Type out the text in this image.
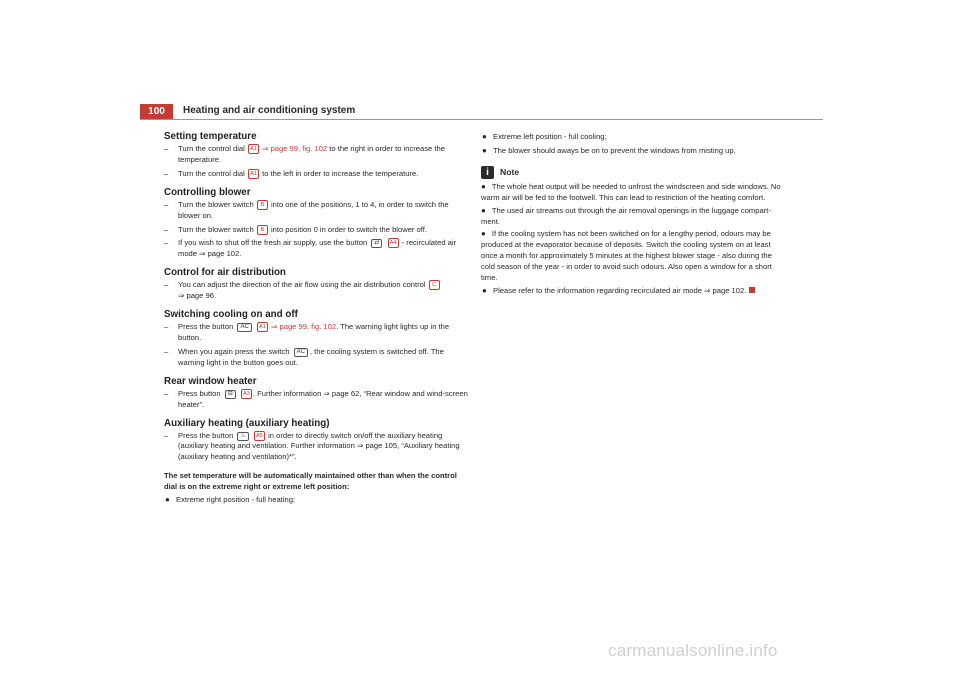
100	Heating and air conditioning system
Setting temperature
– Turn the control dial A1 ⇒ page 99, fig. 102 to the right in order to increase the temperature.
– Turn the control dial A1 to the left in order to increase the temperature.
Controlling blower
– Turn the blower switch B into one of the positions, 1 to 4, in order to switch the blower on.
– Turn the blower switch B into position 0 in order to switch the blower off.
– If you wish to shut off the fresh air supply, use the button ⇄ A4 - recirculated air mode ⇒ page 102.
Control for air distribution
– You can adjust the direction of the air flow using the air distribution control C
⇒ page 96.
Switching cooling on and off
– Press the button AC A1 ⇒ page 99, fig. 102. The warning light lights up in the button.
– When you again press the switch AC , the cooling system is switched off. The warning light in the button goes out.
Rear window heater
– Press button ⊟ A3 . Further information ⇒ page 62, “Rear window and wind-screen heater”.
Auxiliary heating (auxiliary heating)
– Press the button ♨ A5 in order to directly switch on/off the auxiliary heating (auxiliary heating and ventilation. Further information ⇒ page 105, “Auxiliary heating (auxiliary heating and ventilation)*”.

The set temperature will be automatically maintained other than when the control dial is on the extreme right or extreme left position:

● Extreme right position - full heating;
● Extreme left position - full cooling;
● The blower should aways be on to prevent the windows from misting up.
i	Note

● The whole heat output will be needed to unfrost the windscreen and side windows. No warm air will be fed to the footwell. This can lead to restriction of the heating comfort.

● The used air streams out through the air removal openings in the luggage compart-ment.

● If the cooling system has not been switched on for a lengthy period, odours may be produced at the evaporator because of deposits. Switch the cooling system on at least once a month for approximately 5 minutes at the highest blower stage - also during the cold season of the year - in order to avoid such odours. Also open a window for a short time.

● Please refer to the information regarding recirculated air mode ⇒ page 102.
carmanualsonline.info
